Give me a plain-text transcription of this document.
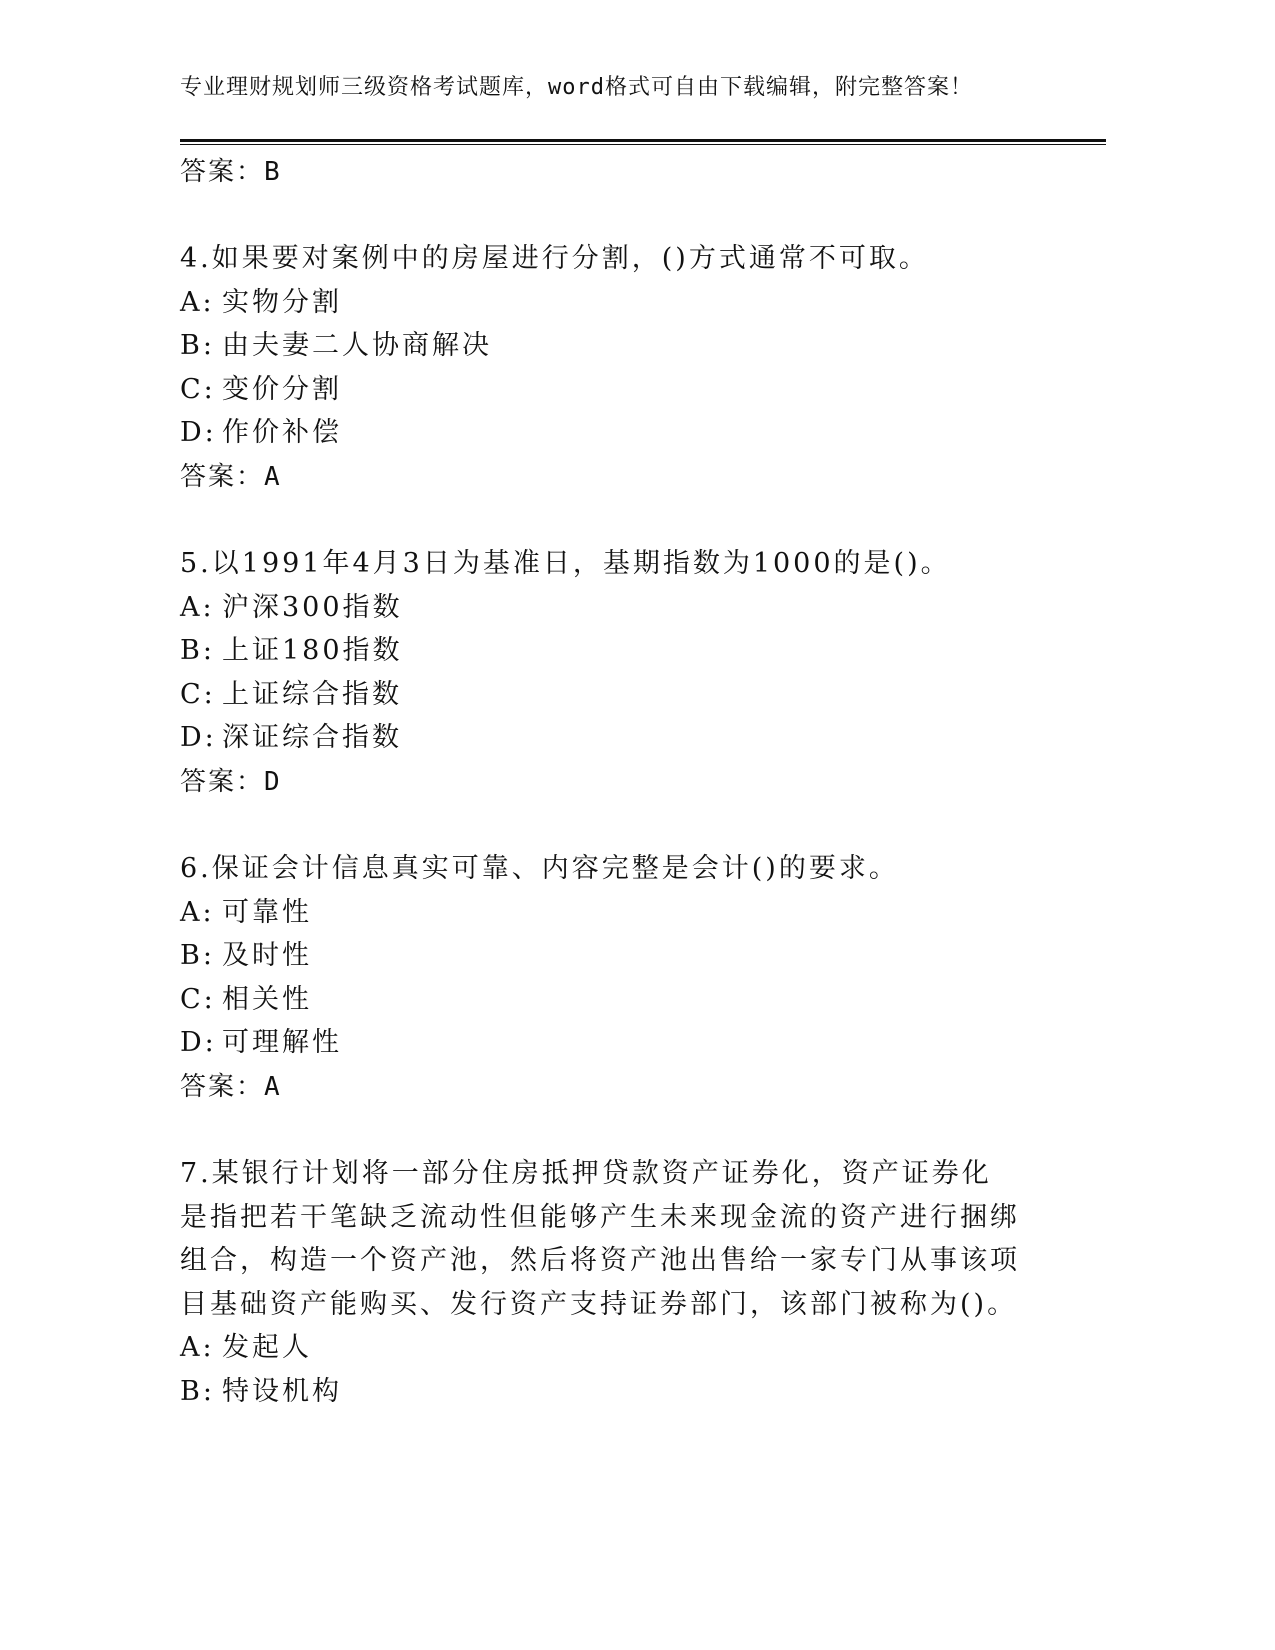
专业理财规划师三级资格考试题库，word格式可自由下载编辑，附完整答案！
答案：B
4.如果要对案例中的房屋进行分割，()方式通常不可取。
A: 实物分割
B: 由夫妻二人协商解决
C: 变价分割
D: 作价补偿
答案：A
5.以1991年4月3日为基准日，基期指数为1000的是()。
A: 沪深300指数
B: 上证180指数
C: 上证综合指数
D: 深证综合指数
答案：D
6.保证会计信息真实可靠、内容完整是会计()的要求。
A: 可靠性
B: 及时性
C: 相关性
D: 可理解性
答案：A
7.某银行计划将一部分住房抵押贷款资产证券化，资产证券化是指把若干笔缺乏流动性但能够产生未来现金流的资产进行捆绑组合，构造一个资产池，然后将资产池出售给一家专门从事该项目基础资产能购买、发行资产支持证券部门，该部门被称为()。
A: 发起人
B: 特设机构
